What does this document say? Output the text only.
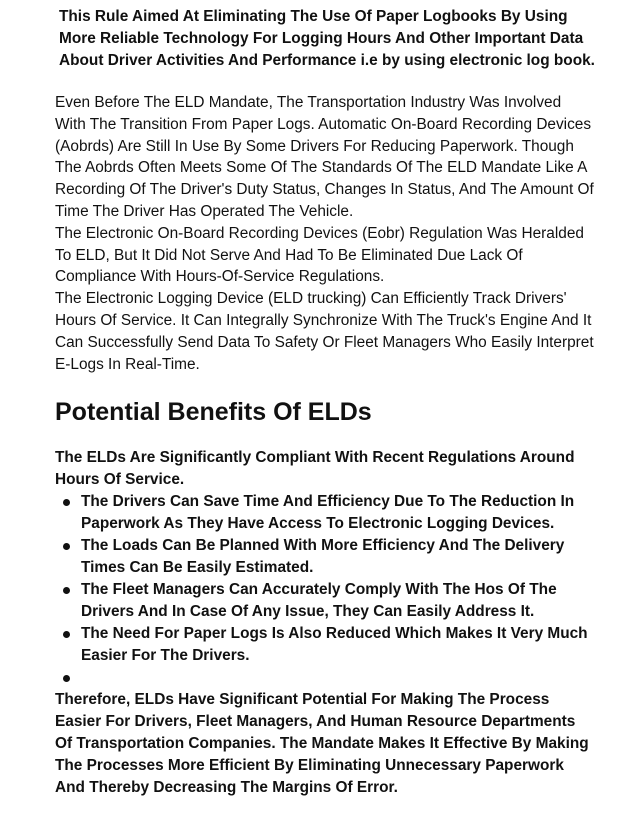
This Rule Aimed At Eliminating The Use Of Paper Logbooks By Using More Reliable Technology For Logging Hours And Other Important Data About Driver Activities And Performance i.e by using electronic log book.

Even Before The ELD Mandate, The Transportation Industry Was Involved With The Transition From Paper Logs. Automatic On-Board Recording Devices (Aobrds) Are Still In Use By Some Drivers For Reducing Paperwork. Though The Aobrds Often Meets Some Of The Standards Of The ELD Mandate Like A Recording Of The Driver's Duty Status, Changes In Status, And The Amount Of Time The Driver Has Operated The Vehicle.

The Electronic On-Board Recording Devices (Eobr) Regulation Was Heralded To ELD, But It Did Not Serve And Had To Be Eliminated Due Lack Of Compliance With Hours-Of-Service Regulations.

The Electronic Logging Device (ELD trucking) Can Efficiently Track Drivers' Hours Of Service. It Can Integrally Synchronize With The Truck's Engine And It Can Successfully Send Data To Safety Or Fleet Managers Who Easily Interpret E-Logs In Real-Time.

Potential Benefits Of ELDs

The ELDs Are Significantly Compliant With Recent Regulations Around Hours Of Service.

The Drivers Can Save Time And Efficiency Due To The Reduction In Paperwork As They Have Access To Electronic Logging Devices.
The Loads Can Be Planned With More Efficiency And The Delivery Times Can Be Easily Estimated.
The Fleet Managers Can Accurately Comply With The Hos Of The Drivers And In Case Of Any Issue, They Can Easily Address It.
The Need For Paper Logs Is Also Reduced Which Makes It Very Much Easier For The Drivers.

Therefore, ELDs Have Significant Potential For Making The Process Easier For Drivers, Fleet Managers, And Human Resource Departments Of Transportation Companies. The Mandate Makes It Effective By Making The Processes More Efficient By Eliminating Unnecessary Paperwork And Thereby Decreasing The Margins Of Error.
